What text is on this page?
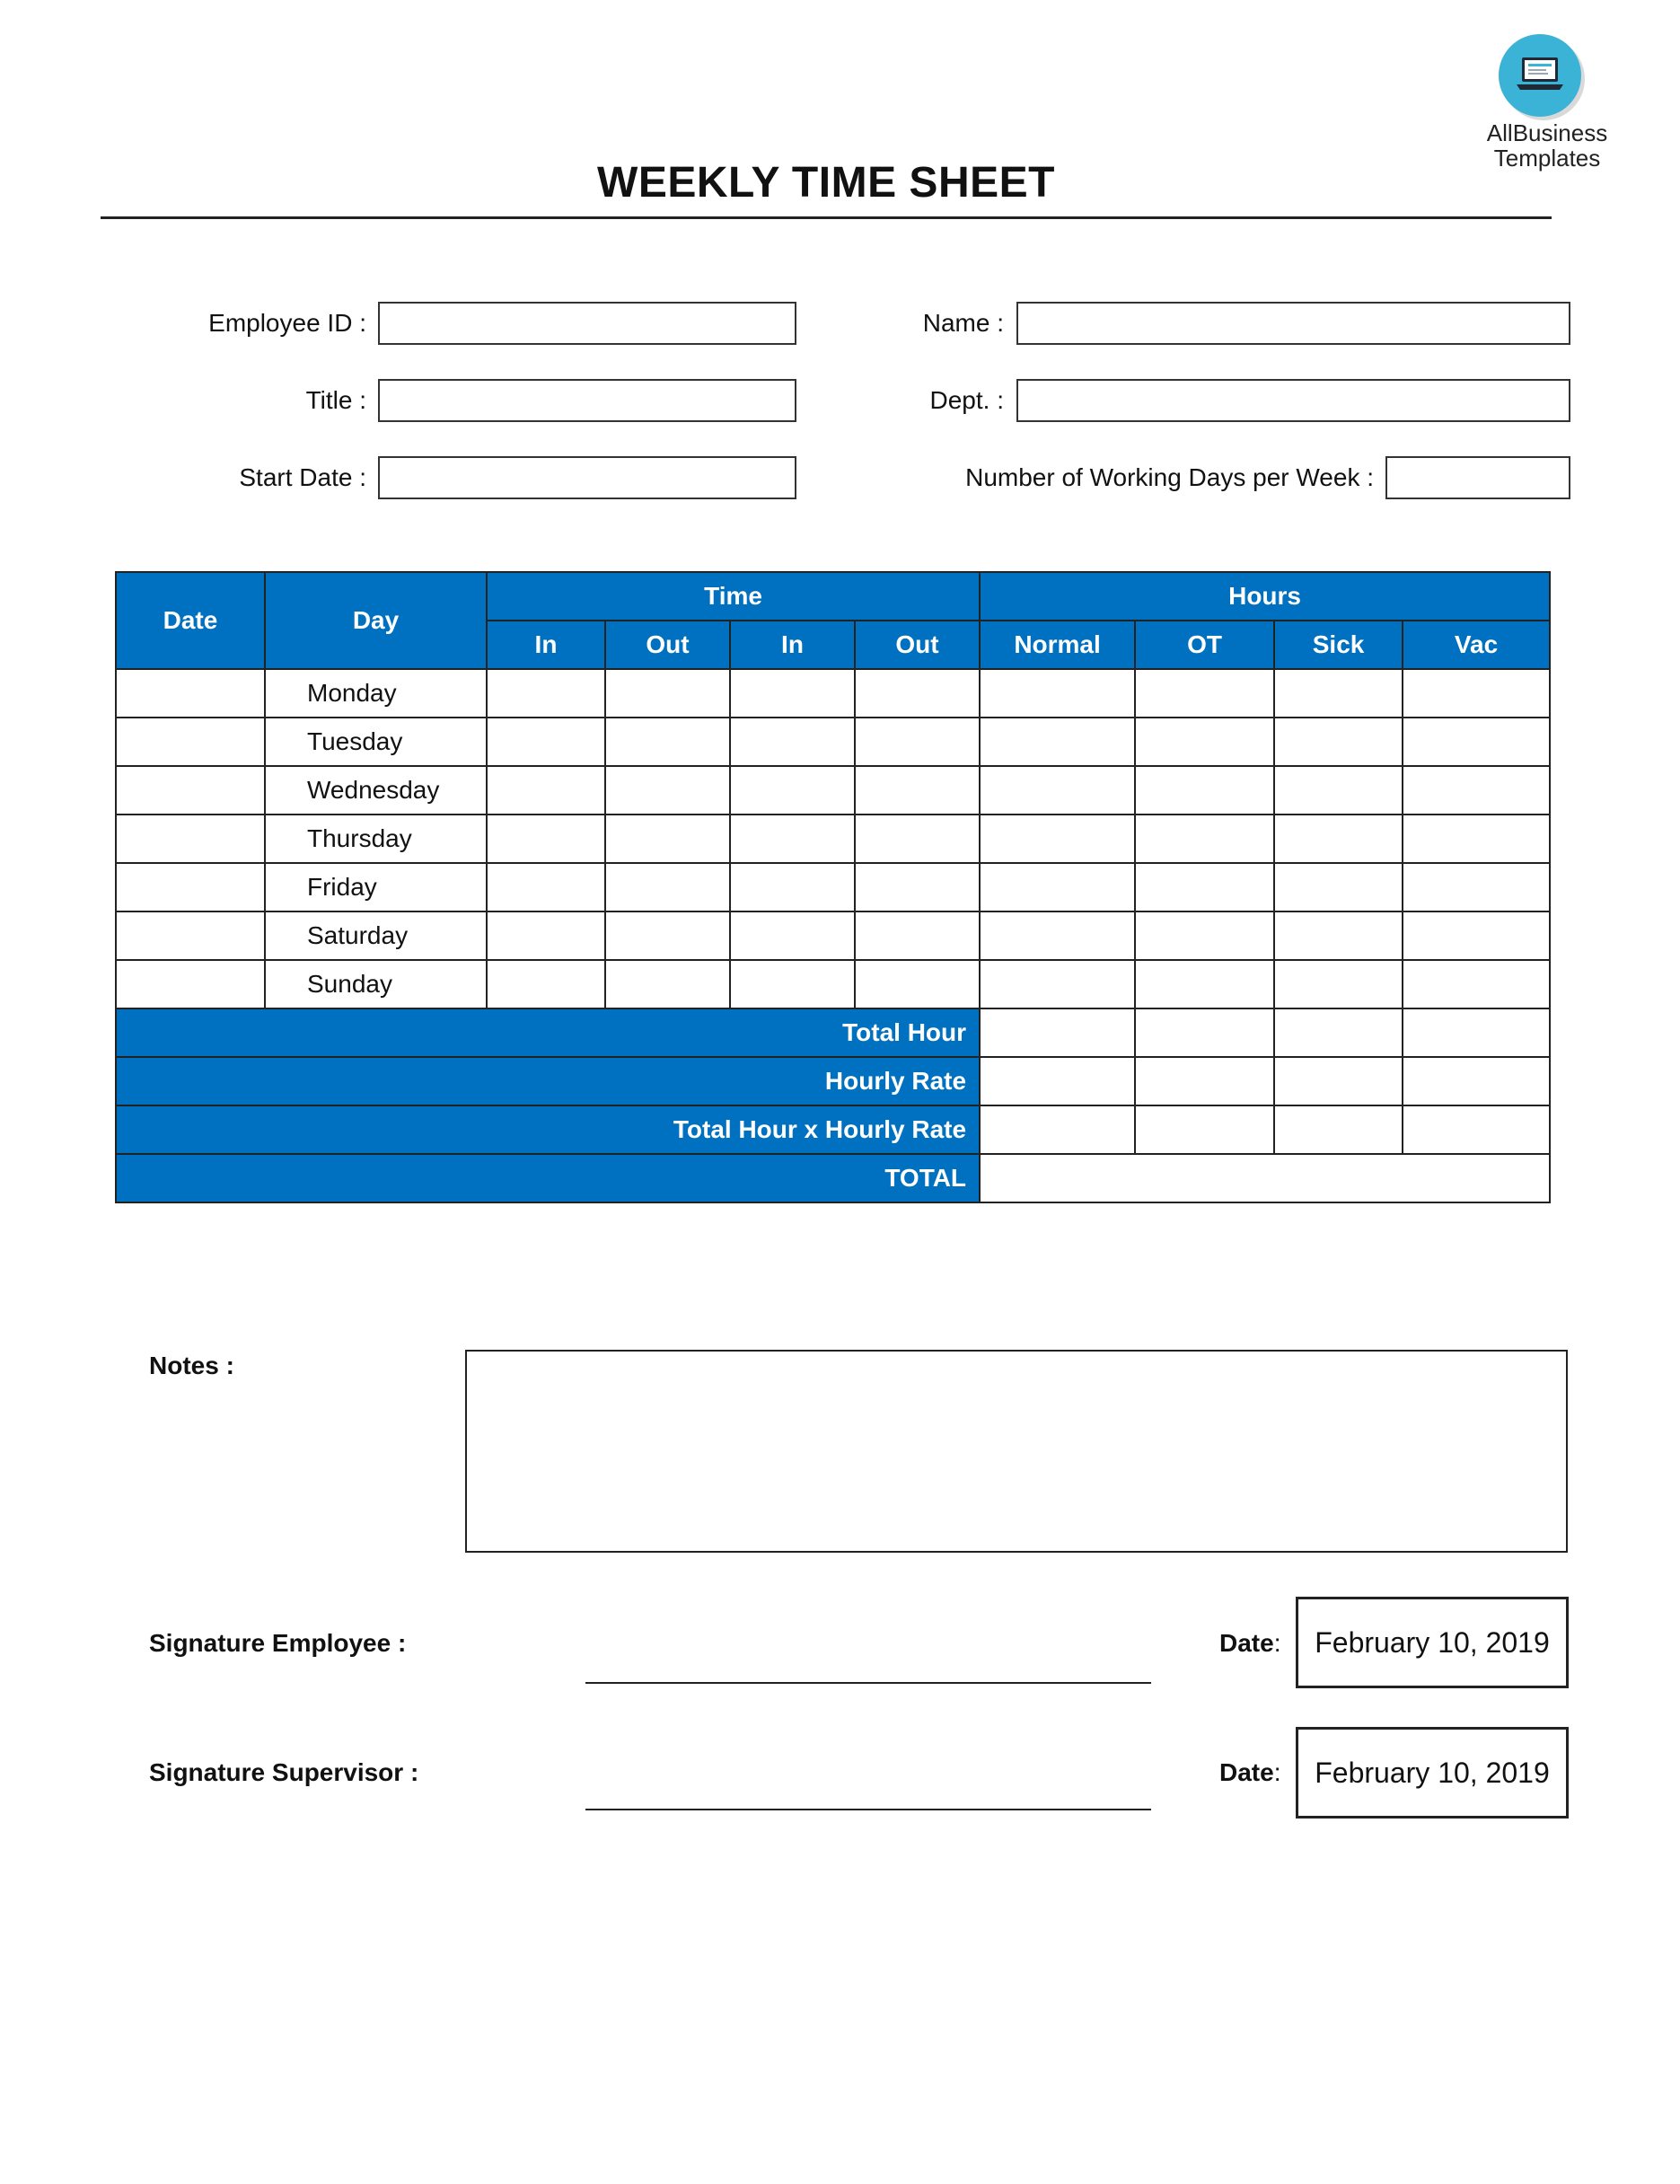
AllBusiness
Templates
WEEKLY TIME SHEET
Employee ID :	Name :
Title :	Dept. :
Start Date :	Number of Working Days per Week :
Date	Day	Time				Hours			
		In	Out	In	Out	Normal	OT	Sick	Vac
	Monday								
	Tuesday								
	Wednesday								
	Thursday								
	Friday								
	Saturday								
	Sunday								
Total Hour									
Hourly Rate									
Total Hour x Hourly Rate									
TOTAL									
Notes :
Signature Employee :	Date:	February 10, 2019
Signature Supervisor :	Date:	February 10, 2019
